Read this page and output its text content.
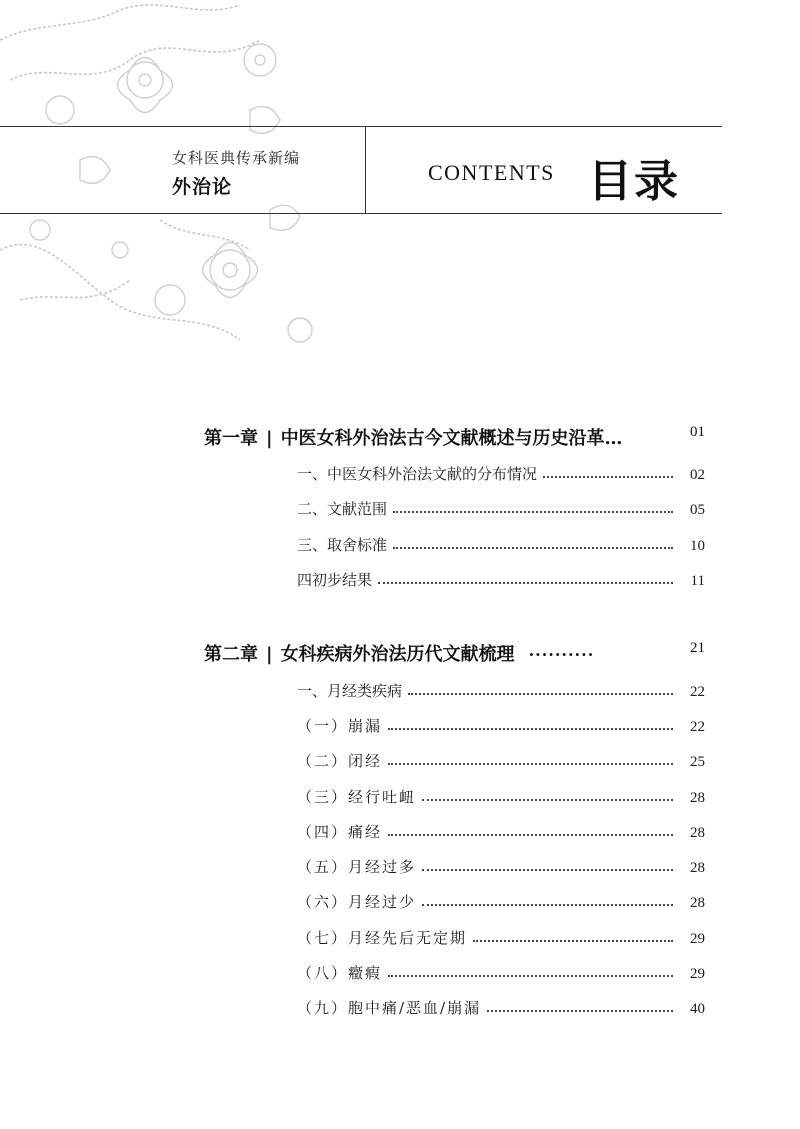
女科医典传承新编
外治论
CONTENTS 目录
第一章 | 中医女科外治法古今文献概述与历史沿革…	01
一、中医女科外治法文献的分布情况	02
二、文献范围	05
三、取舍标准	10
四初步结果	11
第二章 | 女科疾病外治法历代文献梳理 ··········	21
一、月经类疾病	22
（一）崩漏	22
（二）闭经	25
（三）经行吐衄	28
（四）痛经	28
（五）月经过多	28
（六）月经过少	28
（七）月经先后无定期	29
（八）癥瘕	29
（九）胞中痛/恶血/崩漏	40
